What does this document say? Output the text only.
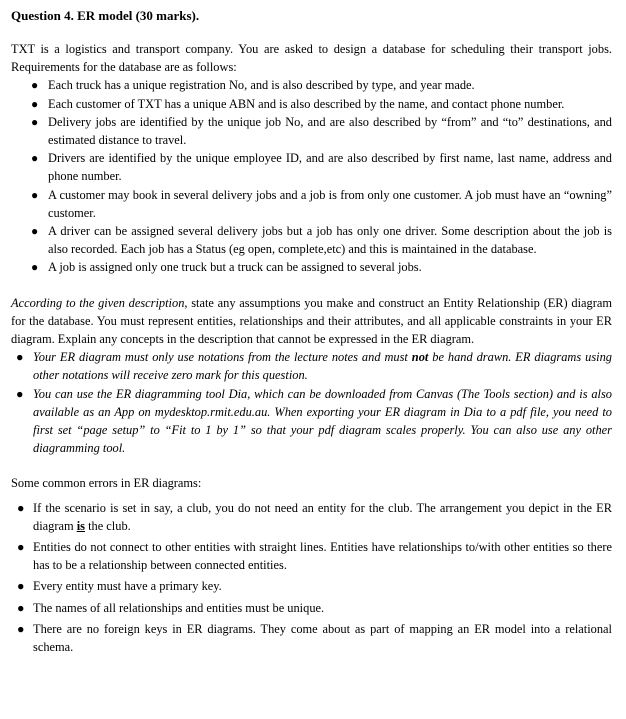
Question 4. ER model (30 marks).

TXT is a logistics and transport company. You are asked to design a database for scheduling their transport jobs. Requirements for the database are as follows:

● Each truck has a unique registration No, and is also described by type, and year made.
● Each customer of TXT has a unique ABN and is also described by the name, and contact phone number.
● Delivery jobs are identified by the unique job No, and are also described by “from” and “to” destinations, and estimated distance to travel.
● Drivers are identified by the unique employee ID, and are also described by first name, last name, address and phone number.
● A customer may book in several delivery jobs and a job is from only one customer. A job must have an “owning” customer.
● A driver can be assigned several delivery jobs but a job has only one driver. Some description about the job is also recorded. Each job has a Status (eg open, complete,etc) and this is maintained in the database.
● A job is assigned only one truck but a truck can be assigned to several jobs.

According to the given description, state any assumptions you make and construct an Entity Relationship (ER) diagram for the database. You must represent entities, relationships and their attributes, and all applicable constraints in your ER diagram. Explain any concepts in the description that cannot be expressed in the ER diagram.

● Your ER diagram must only use notations from the lecture notes and must not be hand drawn. ER diagrams using other notations will receive zero mark for this question.
● You can use the ER diagramming tool Dia, which can be downloaded from Canvas (The Tools section) and is also available as an App on mydesktop.rmit.edu.au. When exporting your ER diagram in Dia to a pdf file, you need to first set “page setup” to “Fit to 1 by 1” so that your pdf diagram scales properly. You can also use any other diagramming tool.

Some common errors in ER diagrams:

● If the scenario is set in say, a club, you do not need an entity for the club. The arrangement you depict in the ER diagram is the club.
● Entities do not connect to other entities with straight lines. Entities have relationships to/with other entities so there has to be a relationship between connected entities.
● Every entity must have a primary key.
● The names of all relationships and entities must be unique.
● There are no foreign keys in ER diagrams. They come about as part of mapping an ER model into a relational schema.
